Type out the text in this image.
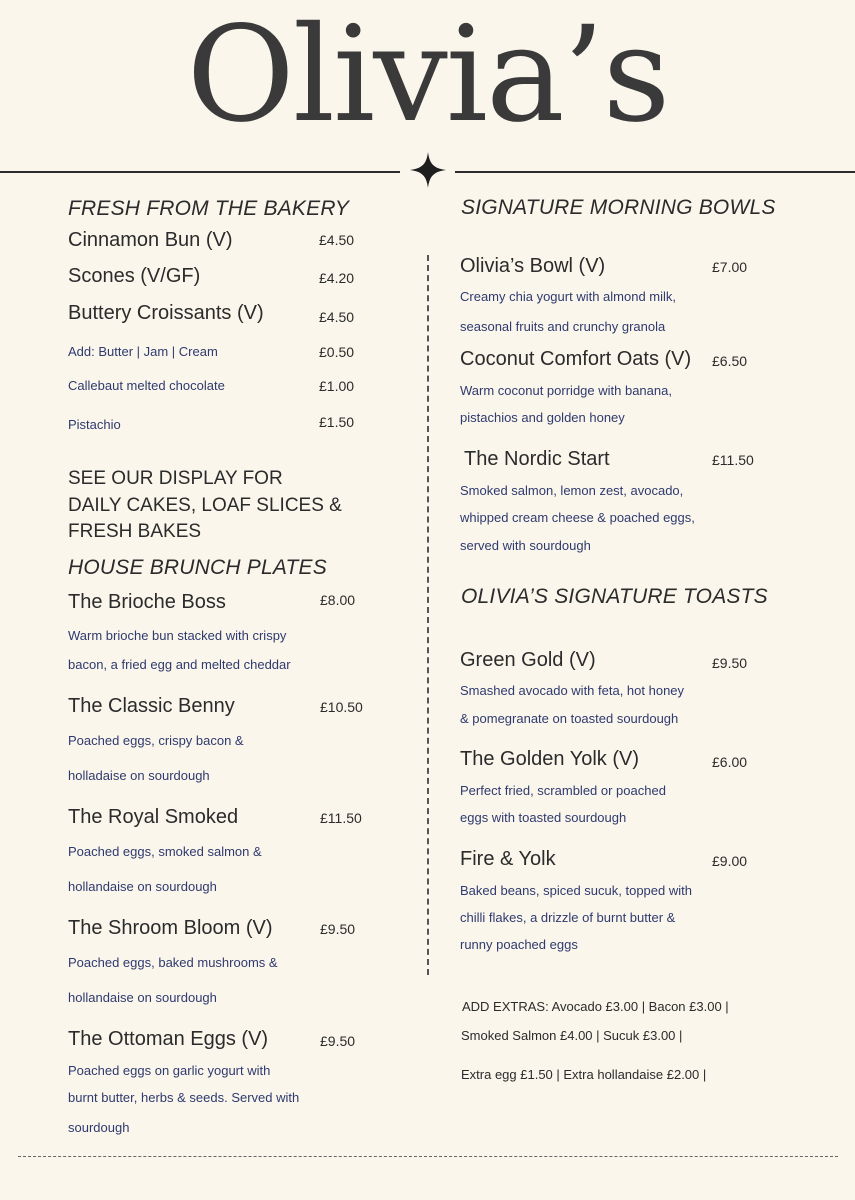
Olivia’s
FRESH FROM THE BAKERY
Cinnamon Bun (V)	£4.50
Scones (V/GF)	£4.20
Buttery Croissants (V)	£4.50
Add: Butter | Jam | Cream	£0.50
Callebaut melted chocolate	£1.00
Pistachio	£1.50
SEE OUR DISPLAY FOR
DAILY CAKES, LOAF SLICES &
FRESH BAKES
HOUSE BRUNCH PLATES
The Brioche Boss	£8.00
Warm brioche bun stacked with crispy
bacon, a fried egg and melted cheddar
The Classic Benny	£10.50
Poached eggs, crispy bacon &
holladaise on sourdough
The Royal Smoked	£11.50
Poached eggs, smoked salmon &
hollandaise on sourdough
The Shroom Bloom (V)	£9.50
Poached eggs, baked mushrooms &
hollandaise on sourdough
The Ottoman Eggs (V)	£9.50
Poached eggs on garlic yogurt with
burnt butter, herbs & seeds. Served with
sourdough
SIGNATURE MORNING BOWLS
Olivia’s Bowl (V)	£7.00
Creamy chia yogurt with almond milk,
seasonal fruits and crunchy granola
Coconut Comfort Oats (V) £6.50
Warm coconut porridge with banana,
pistachios and golden honey
The Nordic Start	£11.50
Smoked salmon, lemon zest, avocado,
whipped cream cheese & poached eggs,
served with sourdough
OLIVIA’S SIGNATURE TOASTS
Green Gold (V)	£9.50
Smashed avocado with feta, hot honey
& pomegranate on toasted sourdough
The Golden Yolk (V)	£6.00
Perfect fried, scrambled or poached
eggs with toasted sourdough
Fire & Yolk	£9.00
Baked beans, spiced sucuk, topped with
chilli flakes, a drizzle of burnt butter &
runny poached eggs
ADD EXTRAS: Avocado £3.00 | Bacon £3.00 |
Smoked Salmon £4.00 | Sucuk £3.00 |
Extra egg £1.50 | Extra hollandaise £2.00 |
